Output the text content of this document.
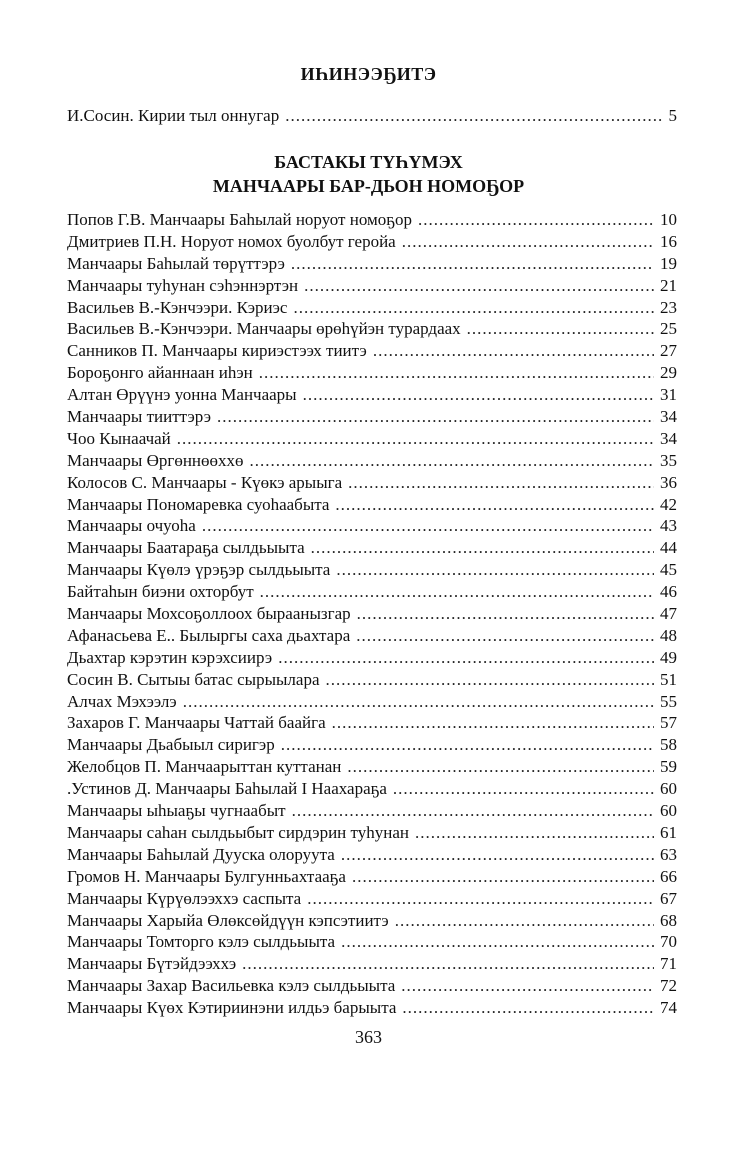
ИҺИНЭЭҔИТЭ
И.Сосин. Кирии тыл оннугар .....	5
БАСТАКЫ ТҮҺҮМЭХ
МАНЧААРЫ БАР-ДЬОН НОМОҔОР
Попов Г.В. Манчаары Баһылай норуот номоҕор .....	10
Дмитриев П.Н. Норуот номох буолбут геройа .....	16
Манчаары Баһылай төрүттэрэ .....	19
Манчаары туһунан сэһэннэртэн .....	21
Васильев В.-Кэнчээри. Кэриэс .....	23
Васильев В.-Кэнчээри. Манчаары өрөһүйэн турардаах .....	25
Санников П. Манчаары кириэстээх тиитэ .....	27
Бороҕонго айаннаан иһэн .....	29
Алтан Өрүүнэ уонна Манчаары .....	31
Манчаары тииттэрэ .....	34
Чоо Кынаачай .....	34
Манчаары Өргөннөөххө .....	35
Колосов С. Манчаары - Күөкэ арыыга .....	36
Манчаары Пономаревка суоһаабыта .....	42
Манчаары очуоһа .....	43
Манчаары Баатараҕа сылдьыыта .....	44
Манчаары Күөлэ үрэҕэр сылдьыыта .....	45
Байтаһын биэни охторбут .....	46
Манчаары Мохсоҕоллоох быраанызгар .....	47
Афанасьева Е.. Былыргы саха дьахтара .....	48
Дьахтар кэрэтин кэрэхсиирэ .....	49
Сосин В. Сытыы батас сырыылара .....	51
Алчах Мэхээлэ .....	55
Захаров Г. Манчаары Чаттай баайга .....	57
Манчаары Дьабыыл сиригэр .....	58
Желобцов П. Манчаарыттан куттанан .....	59
.Устинов Д. Манчаары Баһылай I Наахараҕа .....	60
Манчаары ыһыаҕы чугнаабыт .....	60
Манчаары саһан сылдьыбыт сирдэрин туһунан .....	61
Манчаары Баһылай Дууска олоруута .....	63
Громов Н. Манчаары Булгунньахтааҕа .....	66
Манчаары Күрүөлээххэ саспыта .....	67
Манчаары Харыйа Өлөксөйдүүн кэпсэтиитэ .....	68
Манчаары Томторго кэлэ сылдьыыта .....	70
Манчаары Бүтэйдээххэ .....	71
Манчаары Захар Васильевка кэлэ сылдьыыта .....	72
Манчаары Күөх Кэтириинэни илдьэ барыыта .....	74
363
